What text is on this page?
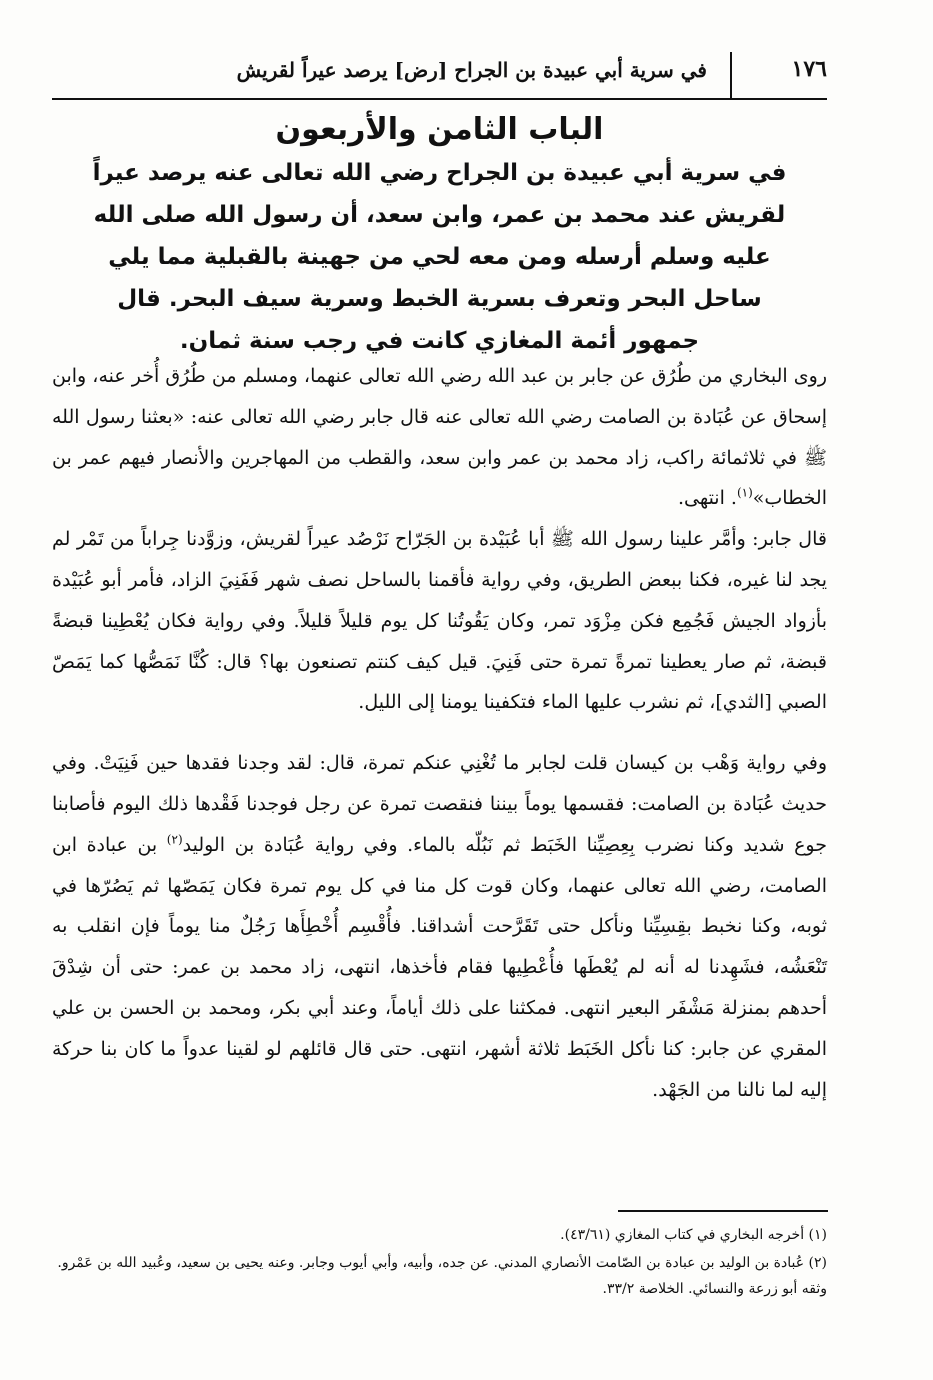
١٧٦
في سرية أبي عبيدة بن الجراح [رض] يرصد عيراً لقريش
الباب الثامن والأربعون

في سرية أبي عبيدة بن الجراح رضي الله تعالى عنه يرصد عيراً لقريش عند محمد بن عمر، وابن سعد، أن رسول الله صلى الله عليه وسلم أرسله ومن معه لحي من جهينة بالقبلية مما يلي ساحل البحر وتعرف بسرية الخبط وسرية سيف البحر. قال جمهور أئمة المغازي كانت في رجب سنة ثمان.

روى البخاري من طُرُق عن جابر بن عبد الله رضي الله تعالى عنهما، ومسلم من طُرُق أُخر عنه، وابن إسحاق عن عُبَادة بن الصامت رضي الله تعالى عنه قال جابر رضي الله تعالى عنه: «بعثنا رسول الله ﷺ في ثلاثمائة راكب، زاد محمد بن عمر وابن سعد، والقطب من المهاجرين والأنصار فيهم عمر بن الخطاب»$^{(١)}$. انتهى.

قال جابر: وأمَّر علينا رسول الله ﷺ أبا عُبَيْدة بن الجَرّاح نَرْصُد عيراً لقريش، وزوَّدنا جِراباً من تَمْر لم يجد لنا غيره، فكنا ببعض الطريق، وفي رواية فأقمنا بالساحل نصف شهر فَفَنِيَ الزاد، فأمر أبو عُبَيْدة بأزواد الجيش فَجُمِع فكن مِزْوَد تمر، وكان يَقُوتُنا كل يوم قليلاً قليلاً. وفي رواية فكان يُعْطِينا قبضةً قبضة، ثم صار يعطينا تمرةً تمرة حتى فَنِيَ. قيل كيف كنتم تصنعون بها؟ قال: كُنَّا نَمَصُّها كما يَمَصّ الصبي [الثدي]، ثم نشرب عليها الماء فتكفينا يومنا إلى الليل.

وفي رواية وَهْب بن كيسان قلت لجابر ما تُغْنِي عنكم تمرة، قال: لقد وجدنا فقدها حين فَنِيَتْ. وفي حديث عُبَادة بن الصامت: فقسمها يوماً بيننا فنقصت تمرة عن رجل فوجدنا فَقْدها ذلك اليوم فأصابنا جوع شديد وكنا نضرب بِعِصِيِّنا الخَبَط ثم نَبُلّه بالماء. وفي رواية عُبَادة بن الوليد$^{(٢)}$ بن عبادة ابن الصامت، رضي الله تعالى عنهما، وكان قوت كل منا في كل يوم تمرة فكان يَمَصّها ثم يَصُرّها في ثوبه، وكنا نخبط بقِسِيِّنا ونأكل حتى تَقَرَّحت أشداقنا. فأُقْسِم أُخْطِأَها رَجُلٌ منا يوماً فإن انقلب به تَنْعَشُه، فشَهِدنا له أنه لم يُعْطَها فأُعْطِيها فقام فأخذها، انتهى، زاد محمد بن عمر: حتى أن شِدْقَ أحدهم بمنزلة مَشْفَر البعير انتهى. فمكثنا على ذلك أياماً، وعند أبي بكر، ومحمد بن الحسن بن علي المقري عن جابر: كنا نأكل الخَبَط ثلاثة أشهر، انتهى. حتى قال قائلهم لو لقينا عدواً ما كان بنا حركة إليه لما نالنا من الجَهْد.

(١) أخرجه البخاري في كتاب المغازي (٤٣/٦١).

(٢) عُبادة بن الوليد بن عبادة بن الصّامت الأنصاري المدني. عن جده، وأبيه، وأبي أيوب وجابر. وعنه يحيى بن سعيد، وعُبيد الله بن عَمْرو. وثقه أبو زرعة والنسائي. الخلاصة ٣٣/٢.
